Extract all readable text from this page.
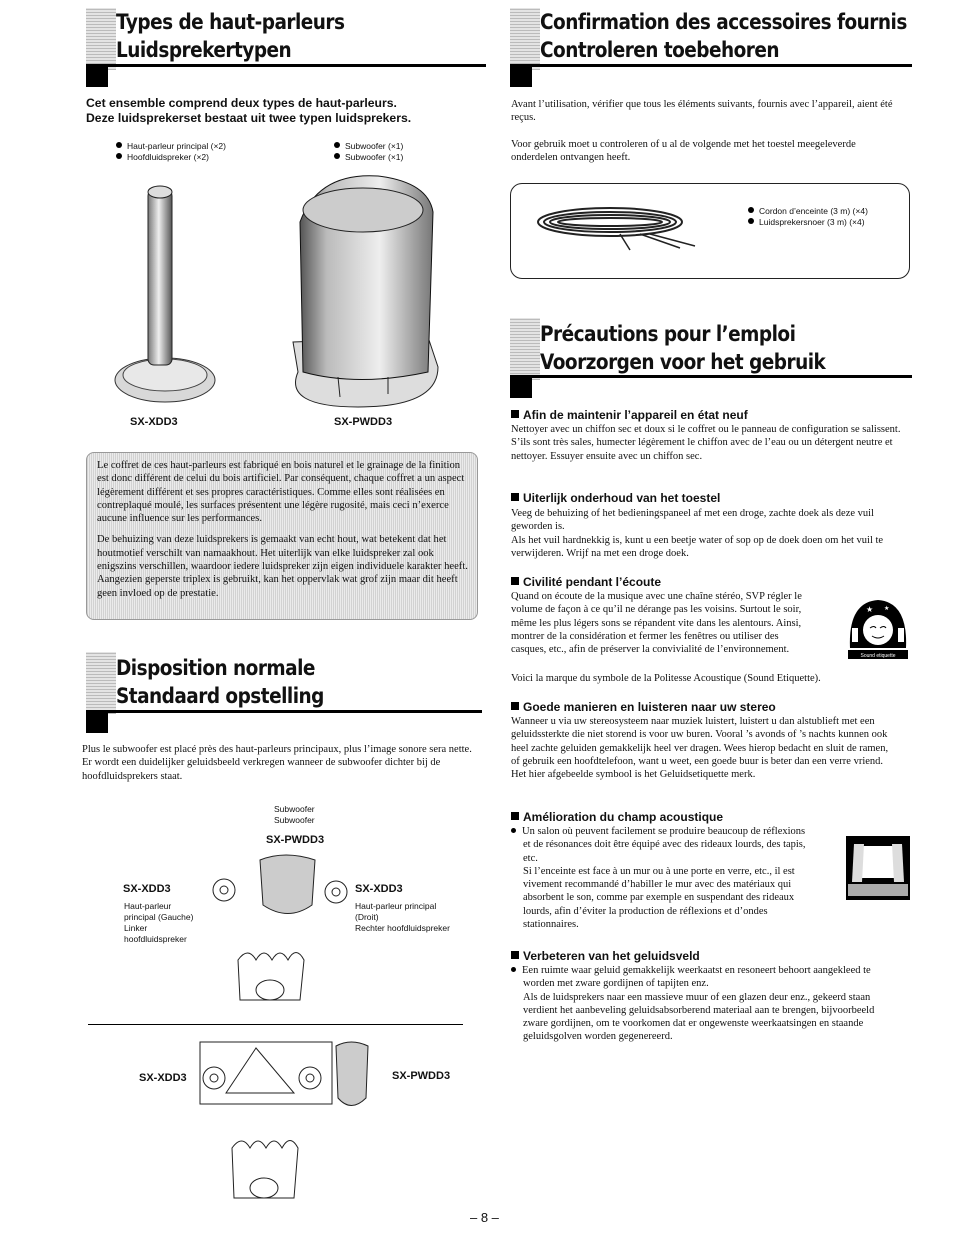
Types de haut-parleurs
Luidsprekertypen
Cet ensemble comprend deux types de haut-parleurs.
Deze luidsprekerset bestaat uit twee typen luidsprekers.
Haut-parleur principal (×2)
Hoofdluidspreker (×2)
Subwoofer (×1)
Subwoofer (×1)
SX-XDD3	SX-PWDD3

Le coffret de ces haut-parleurs est fabriqué en bois naturel et le grainage de la finition est donc différent de celui du bois artificiel. Par conséquent, chaque coffret a un aspect légèrement différent et ses propres caractéristiques. Comme elles sont réalisées en contreplaqué moulé, les surfaces présentent une légère rugosité, mais ceci n’exerce aucune influence sur les performances.

De behuizing van deze luidsprekers is gemaakt van echt hout, wat betekent dat het houtmotief verschilt van namaakhout. Het uiterlijk van elke luidspreker zal ook enigszins verschillen, waardoor iedere luidspreker zijn eigen individuele karakter heeft. Aangezien geperste triplex is gebruikt, kan het oppervlak wat grof zijn maar dit heeft geen invloed op de prestatie.

Disposition normale
Standaard opstelling
Plus le subwoofer est placé près des haut-parleurs principaux, plus l’image sonore sera nette.
Er wordt een duidelijker geluidsbeeld verkregen wanneer de subwoofer dichter bij de hoofdluidsprekers staat.
Subwoofer
Subwoofer
SX-PWDD3
SX-XDD3
Haut-parleur
principal (Gauche)
Linker
hoofdluidspreker
SX-XDD3
Haut-parleur principal
(Droit)
Rechter hoofdluidspreker
SX-XDD3	SX-PWDD3
Confirmation des accessoires fournis
Controleren toebehoren
Avant l’utilisation, vérifier que tous les éléments suivants, fournis avec l’appareil, aient été reçus.
Voor gebruik moet u controleren of u al de volgende met het toestel meegeleverde onderdelen ontvangen heeft.
Cordon d’enceinte (3 m) (×4)
Luidsprekersnoer (3 m) (×4)
Précautions pour l’emploi
Voorzorgen voor het gebruik
Afin de maintenir l’appareil en état neuf
Nettoyer avec un chiffon sec et doux si le coffret ou le panneau de configuration se salissent.
S’ils sont très sales, humecter légèrement le chiffon avec de l’eau ou un détergent neutre et nettoyer. Essuyer ensuite avec un chiffon sec.
Uiterlijk onderhoud van het toestel
Veeg de behuizing of het bedieningspaneel af met een droge, zachte doek als deze vuil geworden is.
Als het vuil hardnekkig is, kunt u een beetje water of sop op de doek doen om het vuil te verwijderen. Wrijf na met een droge doek.
Civilité pendant l’écoute
Quand on écoute de la musique avec une chaîne stéréo, SVP régler le volume de façon à ce qu’il ne dérange pas les voisins. Surtout le soir, même les plus légers sons se répandent vite dans les alentours. Ainsi, montrer de la considération et fermer les fenêtres ou utiliser des casques, etc., afin de préserver la convivialité de l’environnement.
Voici la marque du symbole de la Politesse Acoustique (Sound Etiquette).
★ ★
Sound etiquette
Goede manieren en luisteren naar uw stereo
Wanneer u via uw stereosysteem naar muziek luistert, luistert u dan alstublieft met een geluidssterkte die niet storend is voor uw buren. Vooral ’s avonds of ’s nachts kunnen ook heel zachte geluiden gemakkelijk heel ver dragen. Wees hierop bedacht en sluit de ramen, of gebruik een hoofdtelefoon, want u weet, een goede buur is beter dan een verre vriend.
Het hier afgebeelde symbool is het Geluidsetiquette merk.
Amélioration du champ acoustique
Un salon où peuvent facilement se produire beaucoup de réflexions et de résonances doit être équipé avec des rideaux lourds, des tapis, etc.
Si l’enceinte est face à un mur ou à une porte en verre, etc., il est vivement recommandé d’habiller le mur avec des matériaux qui absorbent le son, comme par exemple en suspendant des rideaux lourds, afin d’éviter la production de réflexions et d’ondes stationnaires.
Verbeteren van het geluidsveld
Een ruimte waar geluid gemakkelijk weerkaatst en resoneert behoort aangekleed te worden met zware gordijnen of tapijten enz.
Als de luidsprekers naar een massieve muur of een glazen deur enz., gekeerd staan verdient het aanbeveling geluidsabsorberend materiaal aan te brengen, bijvoorbeeld zware gordijnen, om te voorkomen dat er ongewenste weerkaatsingen en staande geluidsgolven worden gegenereerd.
– 8 –
